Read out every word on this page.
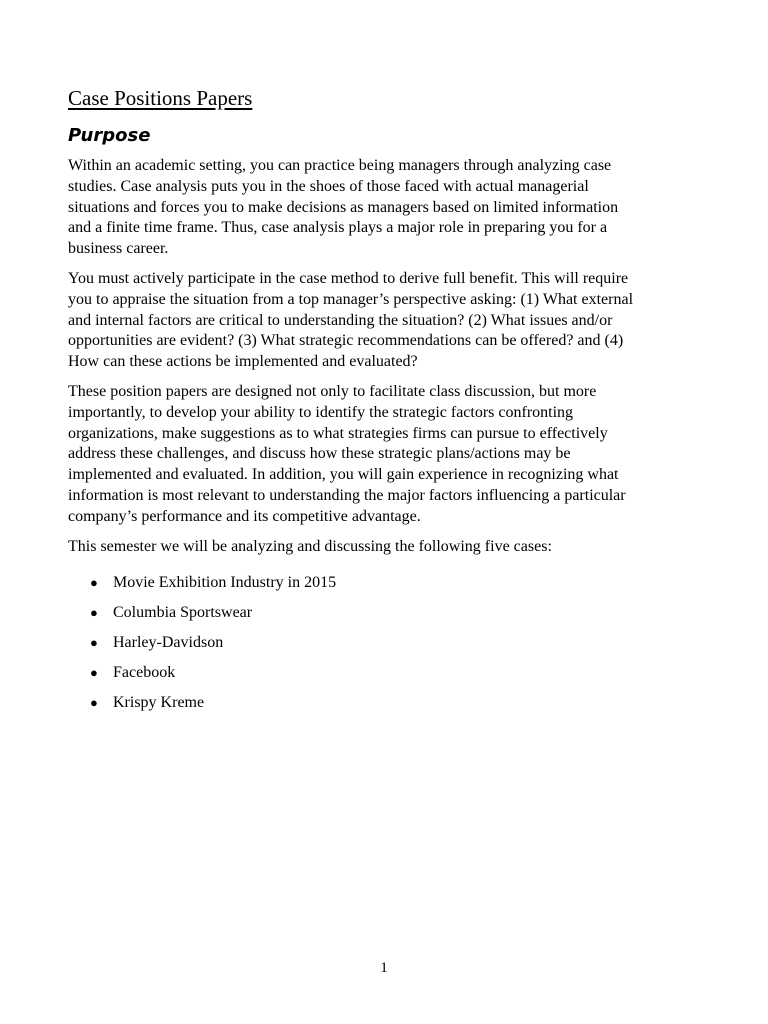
Case Positions Papers
Purpose

Within an academic setting, you can practice being managers through analyzing case
studies. Case analysis puts you in the shoes of those faced with actual managerial
situations and forces you to make decisions as managers based on limited information
and a finite time frame. Thus, case analysis plays a major role in preparing you for a
business career.

You must actively participate in the case method to derive full benefit. This will require
you to appraise the situation from a top manager’s perspective asking: (1) What external
and internal factors are critical to understanding the situation? (2) What issues and/or
opportunities are evident? (3) What strategic recommendations can be offered? and (4)
How can these actions be implemented and evaluated?

These position papers are designed not only to facilitate class discussion, but more
importantly, to develop your ability to identify the strategic factors confronting
organizations, make suggestions as to what strategies firms can pursue to effectively
address these challenges, and discuss how these strategic plans/actions may be
implemented and evaluated. In addition, you will gain experience in recognizing what
information is most relevant to understanding the major factors influencing a particular
company’s performance and its competitive advantage.

This semester we will be analyzing and discussing the following five cases:

● Movie Exhibition Industry in 2015
● Columbia Sportswear
● Harley-Davidson
● Facebook
● Krispy Kreme
1
